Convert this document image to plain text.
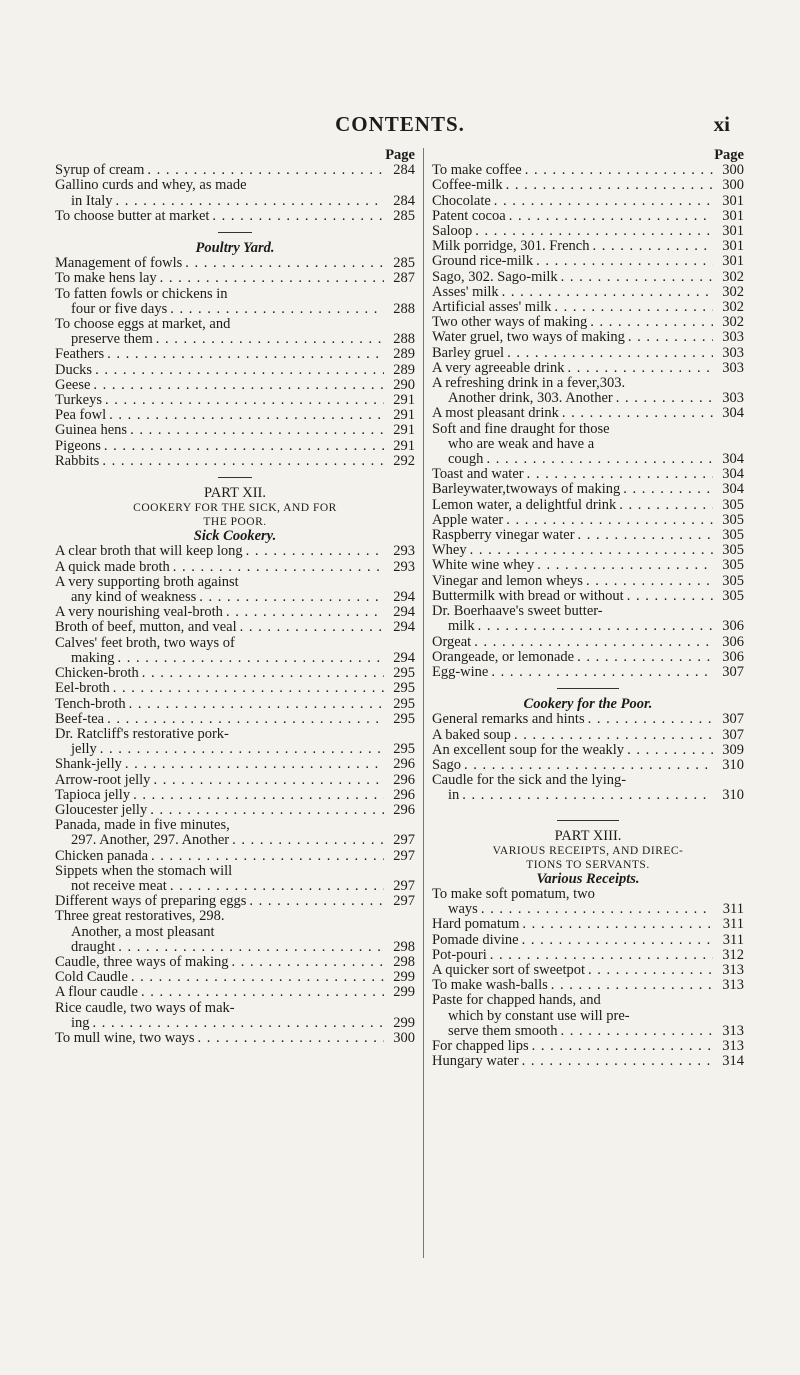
CONTENTS.	xi
Page
Syrup of cream . . .	284
Gallino curds and whey, as made
in Italy . . .	284
To choose butter at market . . .	285
Poultry Yard.
Management of fowls . . .	285
To make hens lay . . .	287
To fatten fowls or chickens in
four or five days . . .	288
To choose eggs at market, and
preserve them . . .	288
Feathers . . .	289
Ducks . . .	289
Geese . . .	290
Turkeys . . .	291
Pea fowl . . .	291
Guinea hens . . .	291
Pigeons . . .	291
Rabbits . . .	292
PART XII.
COOKERY FOR THE SICK, AND FOR
THE POOR.
Sick Cookery.
A clear broth that will keep long . . .	293
A quick made broth . . .	293
A very supporting broth against
any kind of weakness . . .	294
A very nourishing veal-broth . . .	294
Broth of beef, mutton, and veal . . .	294
Calves' feet broth, two ways of
making . . .	294
Chicken-broth . . .	295
Eel-broth . . .	295
Tench-broth . . .	295
Beef-tea . . .	295
Dr. Ratcliff's restorative pork-
jelly . . .	295
Shank-jelly . . .	296
Arrow-root jelly . . .	296
Tapioca jelly . . .	296
Gloucester jelly . . .	296
Panada, made in five minutes,
297. Another, 297. Another . . .	297
Chicken panada . . .	297
Sippets when the stomach will
not receive meat . . .	297
Different ways of preparing eggs . . .	297
Three great restoratives, 298.
Another, a most pleasant
draught . . .	298
Caudle, three ways of making . . .	298
Cold Caudle . . .	299
A flour caudle . . .	299
Rice caudle, two ways of mak-
ing . . .	299
To mull wine, two ways . . .	300
Page
To make coffee . . .	300
Coffee-milk . . .	300
Chocolate . . .	301
Patent cocoa . . .	301
Saloop . . .	301
Milk porridge, 301. French . . .	301
Ground rice-milk . . .	301
Sago, 302. Sago-milk . . .	302
Asses' milk . . .	302
Artificial asses' milk . . .	302
Two other ways of making . . .	302
Water gruel, two ways of making . . .	303
Barley gruel . . .	303
A very agreeable drink . . .	303
A refreshing drink in a fever,303.
Another drink, 303. Another . . .	303
A most pleasant drink . . .	304
Soft and fine draught for those
who are weak and have a
cough . . .	304
Toast and water . . .	304
Barleywater,twoways of making . . .	304
Lemon water, a delightful drink . . .	305
Apple water . . .	305
Raspberry vinegar water . . .	305
Whey . . .	305
White wine whey . . .	305
Vinegar and lemon wheys . . .	305
Buttermilk with bread or without . . .	305
Dr. Boerhaave's sweet butter-
milk . . .	306
Orgeat . . .	306
Orangeade, or lemonade . . .	306
Egg-wine . . .	307
Cookery for the Poor.
General remarks and hints . . .	307
A baked soup . . .	307
An excellent soup for the weakly . . .	309
Sago . . .	310
Caudle for the sick and the lying-
in . . .	310
PART XIII.
VARIOUS RECEIPTS, AND DIREC-
TIONS TO SERVANTS.
Various Receipts.
To make soft pomatum, two
ways . . .	311
Hard pomatum . . .	311
Pomade divine . . .	311
Pot-pouri . . .	312
A quicker sort of sweetpot . . .	313
To make wash-balls . . .	313
Paste for chapped hands, and
which by constant use will pre-
serve them smooth . . .	313
For chapped lips . . .	313
Hungary water . . .	314
